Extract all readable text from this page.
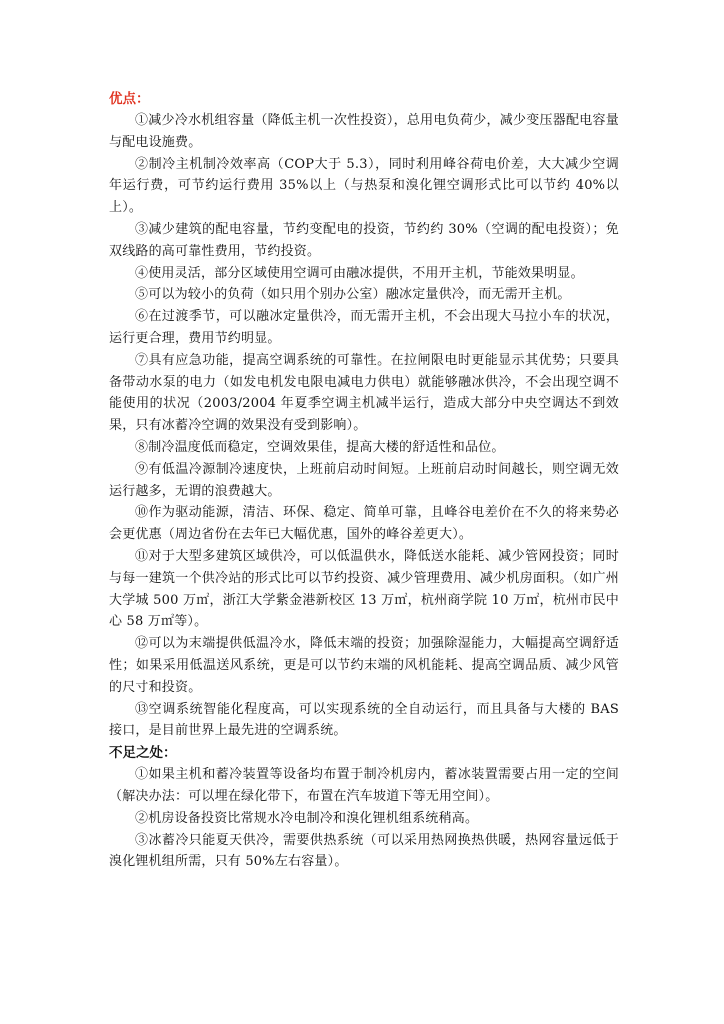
优点：

①减少冷水机组容量（降低主机一次性投资），总用电负荷少，减少变压器配电容量与配电设施费。

②制冷主机制冷效率高（COP大于 5.3），同时利用峰谷荷电价差，大大减少空调年运行费，可节约运行费用 35%以上（与热泵和溴化锂空调形式比可以节约 40%以上）。

③减少建筑的配电容量，节约变配电的投资，节约约 30%（空调的配电投资）；免双线路的高可靠性费用，节约投资。

④使用灵活，部分区域使用空调可由融冰提供，不用开主机，节能效果明显。

⑤可以为较小的负荷（如只用个别办公室）融冰定量供冷，而无需开主机。

⑥在过渡季节，可以融冰定量供冷，而无需开主机，不会出现大马拉小车的状况，运行更合理，费用节约明显。

⑦具有应急功能，提高空调系统的可靠性。在拉闸限电时更能显示其优势；只要具备带动水泵的电力（如发电机发电限电减电力供电）就能够融冰供冷，不会出现空调不能使用的状况（2003/2004 年夏季空调主机减半运行，造成大部分中央空调达不到效果，只有冰蓄冷空调的效果没有受到影响）。

⑧制冷温度低而稳定，空调效果佳，提高大楼的舒适性和品位。

⑨有低温冷源制冷速度快，上班前启动时间短。上班前启动时间越长，则空调无效运行越多，无谓的浪费越大。

⑩作为驱动能源，清洁、环保、稳定、简单可靠，且峰谷电差价在不久的将来势必会更优惠（周边省份在去年已大幅优惠，国外的峰谷差更大）。

⑪对于大型多建筑区域供冷，可以低温供水，降低送水能耗、减少管网投资；同时与每一建筑一个供冷站的形式比可以节约投资、减少管理费用、减少机房面积。（如广州大学城 500 万㎡，浙江大学紫金港新校区 13 万㎡，杭州商学院 10 万㎡，杭州市民中心 58 万㎡等）。

⑫可以为末端提供低温冷水，降低末端的投资；加强除湿能力，大幅提高空调舒适性；如果采用低温送风系统，更是可以节约末端的风机能耗、提高空调品质、减少风管的尺寸和投资。

⑬空调系统智能化程度高，可以实现系统的全自动运行，而且具备与大楼的 BAS 接口，是目前世界上最先进的空调系统。

不足之处：

①如果主机和蓄冷装置等设备均布置于制冷机房内，蓄冰装置需要占用一定的空间（解决办法：可以埋在绿化带下，布置在汽车坡道下等无用空间）。

②机房设备投资比常规水冷电制冷和溴化锂机组系统稍高。

③冰蓄冷只能夏天供冷，需要供热系统（可以采用热网换热供暖，热网容量远低于溴化锂机组所需，只有 50%左右容量）。
